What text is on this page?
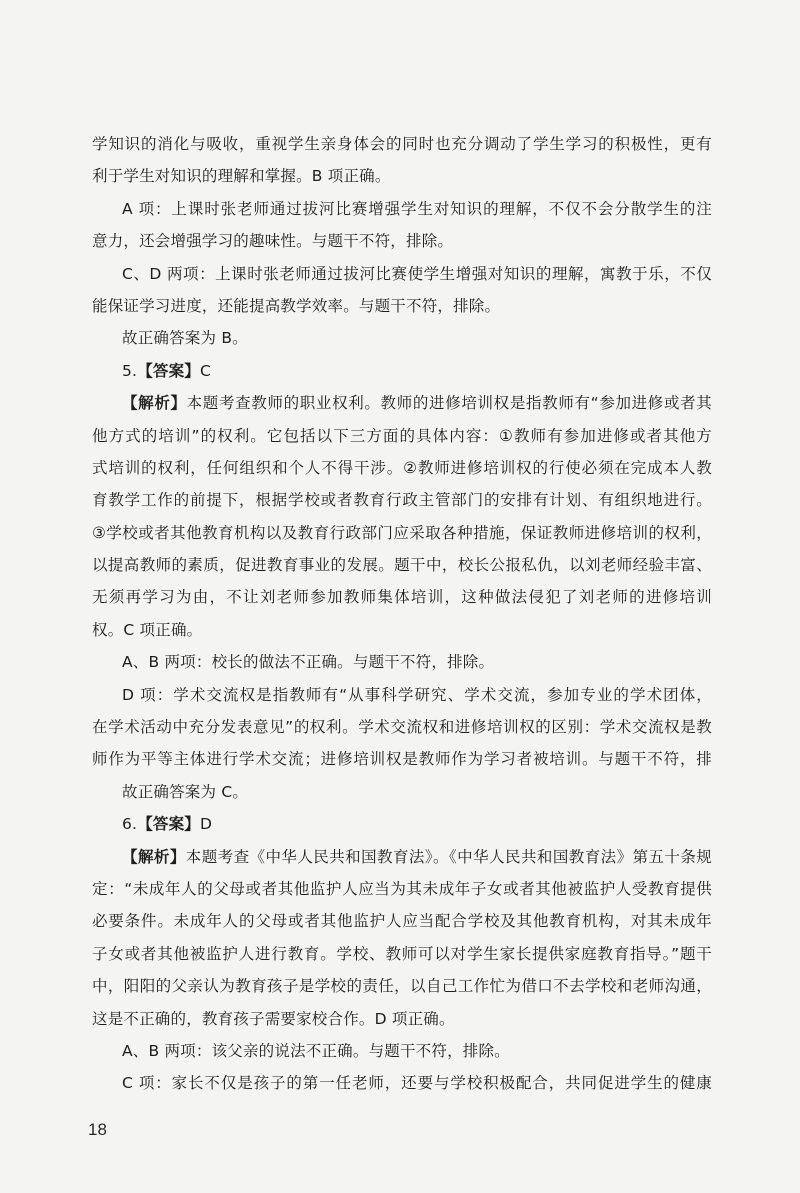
学知识的消化与吸收，重视学生亲身体会的同时也充分调动了学生学习的积极性，更有
利于学生对知识的理解和掌握。B 项正确。
A 项：上课时张老师通过拔河比赛增强学生对知识的理解，不仅不会分散学生的注
意力，还会增强学习的趣味性。与题干不符，排除。
C、D 两项：上课时张老师通过拔河比赛使学生增强对知识的理解，寓教于乐，不仅
能保证学习进度，还能提高教学效率。与题干不符，排除。
故正确答案为 B。
5.【答案】C
【解析】本题考查教师的职业权利。教师的进修培训权是指教师有“参加进修或者其
他方式的培训”的权利。它包括以下三方面的具体内容：①教师有参加进修或者其他方
式培训的权利，任何组织和个人不得干涉。②教师进修培训权的行使必须在完成本人教
育教学工作的前提下，根据学校或者教育行政主管部门的安排有计划、有组织地进行。
③学校或者其他教育机构以及教育行政部门应采取各种措施，保证教师进修培训的权利，
以提高教师的素质，促进教育事业的发展。题干中，校长公报私仇，以刘老师经验丰富、
无须再学习为由，不让刘老师参加教师集体培训，这种做法侵犯了刘老师的进修培训
权。C 项正确。
A、B 两项：校长的做法不正确。与题干不符，排除。
D 项：学术交流权是指教师有“从事科学研究、学术交流，参加专业的学术团体，
在学术活动中充分发表意见”的权利。学术交流权和进修培训权的区别：学术交流权是教
师作为平等主体进行学术交流；进修培训权是教师作为学习者被培训。与题干不符，排
故正确答案为 C。
6.【答案】D
【解析】本题考查《中华人民共和国教育法》。《中华人民共和国教育法》第五十条规
定：“未成年人的父母或者其他监护人应当为其未成年子女或者其他被监护人受教育提供
必要条件。未成年人的父母或者其他监护人应当配合学校及其他教育机构，对其未成年
子女或者其他被监护人进行教育。学校、教师可以对学生家长提供家庭教育指导。”题干
中，阳阳的父亲认为教育孩子是学校的责任，以自己工作忙为借口不去学校和老师沟通，
这是不正确的，教育孩子需要家校合作。D 项正确。
A、B 两项：该父亲的说法不正确。与题干不符，排除。
C 项：家长不仅是孩子的第一任老师，还要与学校积极配合，共同促进学生的健康
18
